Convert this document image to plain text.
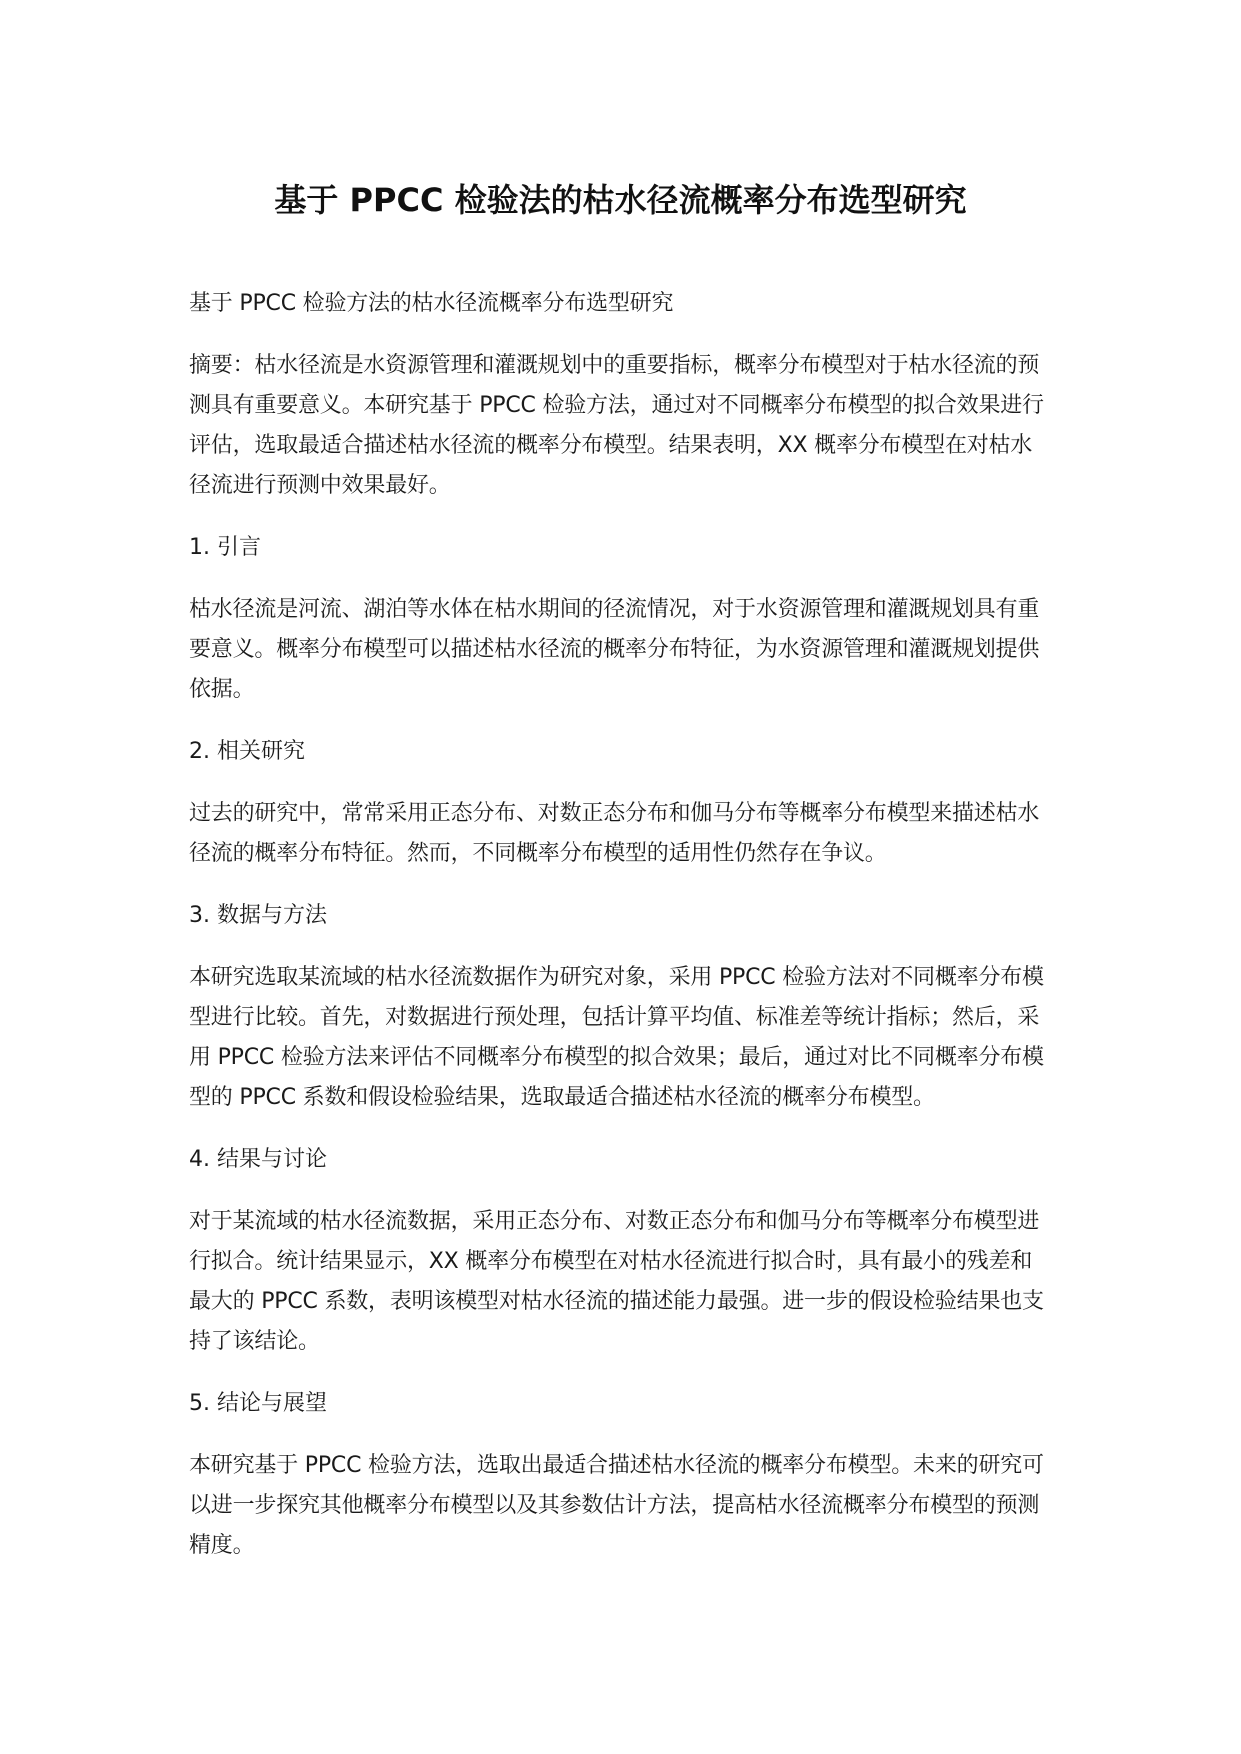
基于 PPCC 检验法的枯水径流概率分布选型研究

基于 PPCC 检验方法的枯水径流概率分布选型研究

摘要：枯水径流是水资源管理和灌溉规划中的重要指标，概率分布模型对于枯水径流的预测具有重要意义。本研究基于 PPCC 检验方法，通过对不同概率分布模型的拟合效果进行评估，选取最适合描述枯水径流的概率分布模型。结果表明，XX 概率分布模型在对枯水径流进行预测中效果最好。

1. 引言

枯水径流是河流、湖泊等水体在枯水期间的径流情况，对于水资源管理和灌溉规划具有重要意义。概率分布模型可以描述枯水径流的概率分布特征，为水资源管理和灌溉规划提供依据。

2. 相关研究

过去的研究中，常常采用正态分布、对数正态分布和伽马分布等概率分布模型来描述枯水径流的概率分布特征。然而，不同概率分布模型的适用性仍然存在争议。

3. 数据与方法

本研究选取某流域的枯水径流数据作为研究对象，采用 PPCC 检验方法对不同概率分布模型进行比较。首先，对数据进行预处理，包括计算平均值、标准差等统计指标；然后，采用 PPCC 检验方法来评估不同概率分布模型的拟合效果；最后，通过对比不同概率分布模型的 PPCC 系数和假设检验结果，选取最适合描述枯水径流的概率分布模型。

4. 结果与讨论

对于某流域的枯水径流数据，采用正态分布、对数正态分布和伽马分布等概率分布模型进行拟合。统计结果显示，XX 概率分布模型在对枯水径流进行拟合时，具有最小的残差和最大的 PPCC 系数，表明该模型对枯水径流的描述能力最强。进一步的假设检验结果也支持了该结论。

5. 结论与展望

本研究基于 PPCC 检验方法，选取出最适合描述枯水径流的概率分布模型。未来的研究可以进一步探究其他概率分布模型以及其参数估计方法，提高枯水径流概率分布模型的预测精度。
